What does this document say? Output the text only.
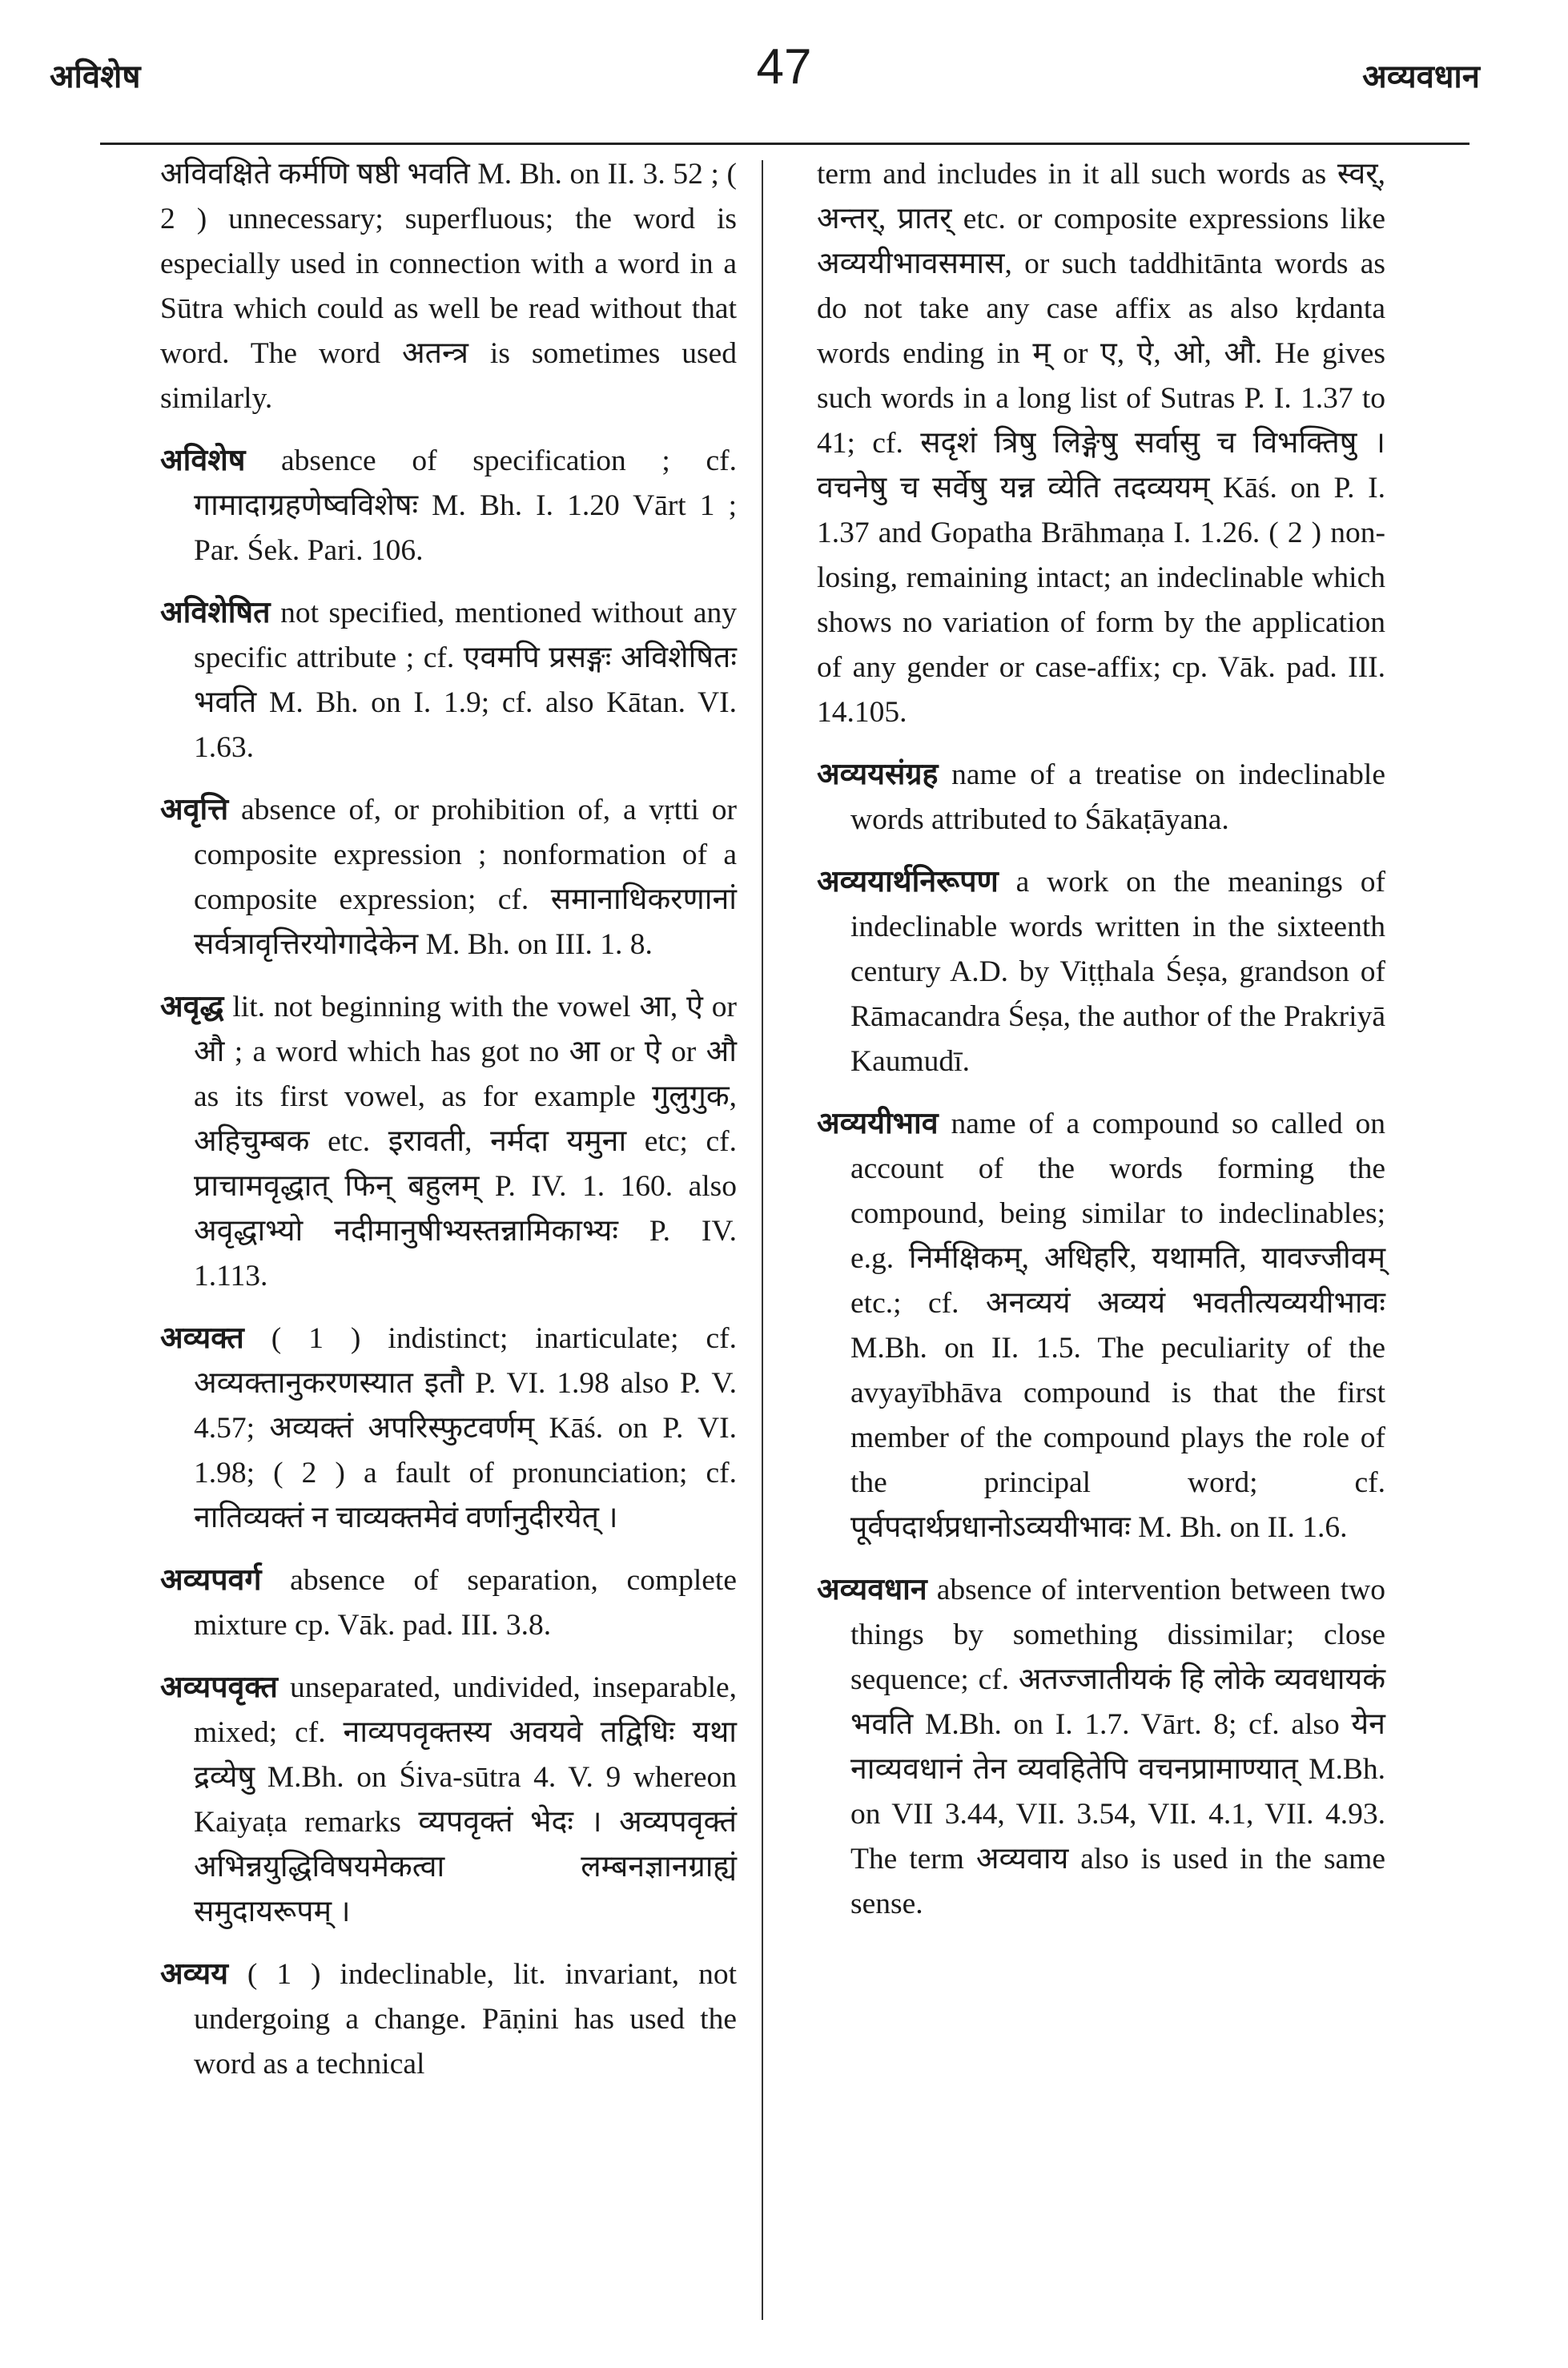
अविशेष	47	अव्यवधान

अविवक्षिते कर्मणि षष्ठी भवति M. Bh. on II. 3. 52 ; ( 2 ) unnecessary; superfluous; the word is especially used in connection with a word in a Sūtra which could as well be read without that word. The word अतन्त्र is sometimes used similarly.

अविशेष absence of specification ; cf. गामादाग्रहणेष्वविशेषः M. Bh. I. 1.20 Vārt 1 ; Par. Śek. Pari. 106.

अविशेषित not specified, mentioned without any specific attribute ; cf. एवमपि प्रसङ्गः अविशेषितः भवति M. Bh. on I. 1.9; cf. also Kātan. VI. 1.63.

अवृत्ति absence of, or prohibition of, a vṛtti or composite expression ; nonformation of a composite expression; cf. समानाधिकरणानां सर्वत्रावृत्तिरयोगादेकेन M. Bh. on III. 1. 8.

अवृद्ध lit. not beginning with the vowel आ, ऐ or औ ; a word which has got no आ or ऐ or औ as its first vowel, as for example गुलुगुक, अहिचुम्बक etc. इरावती, नर्मदा यमुना etc; cf. प्राचामवृद्धात् फिन् बहुलम् P. IV. 1. 160. also अवृद्धाभ्यो नदीमानुषीभ्यस्तन्नामिकाभ्यः P. IV. 1.113.

अव्यक्त ( 1 ) indistinct; inarticulate; cf. अव्यक्तानुकरणस्यात इतौ P. VI. 1.98 also P. V. 4.57; अव्यक्तं अपरिस्फुटवर्णम् Kāś. on P. VI. 1.98; ( 2 ) a fault of pronunciation; cf. नातिव्यक्तं न चाव्यक्तमेवं वर्णानुदीरयेत् ।

अव्यपवर्ग absence of separation, complete mixture cp. Vāk. pad. III. 3.8.

अव्यपवृक्त unseparated, undivided, inseparable, mixed; cf. नाव्यपवृक्तस्य अवयवे तद्विधिः यथा द्रव्येषु M.Bh. on Śiva-sūtra 4. V. 9 whereon Kaiyaṭa remarks व्यपवृक्तं भेदः । अव्यपवृक्तं अभिन्नयुद्धिविषयमेकत्वा लम्बनज्ञानग्राह्यं समुदायरूपम् ।

अव्यय ( 1 ) indeclinable, lit. invariant, not undergoing a change. Pāṇini has used the word as a technical

term and includes in it all such words as स्वर्, अन्तर्, प्रातर् etc. or composite expressions like अव्ययीभावसमास, or such taddhitānta words as do not take any case affix as also kṛdanta words ending in म् or ए, ऐ, ओ, औ. He gives such words in a long list of Sutras P. I. 1.37 to 41; cf. सदृशं त्रिषु लिङ्गेषु सर्वासु च विभक्तिषु । वचनेषु च सर्वेषु यन्न व्येति तदव्ययम् Kāś. on P. I. 1.37 and Gopatha Brāhmaṇa I. 1.26. ( 2 ) non-losing, remaining intact; an indeclinable which shows no variation of form by the application of any gender or case-affix; cp. Vāk. pad. III. 14.105.

अव्ययसंग्रह name of a treatise on indeclinable words attributed to Śākaṭāyana.

अव्ययार्थनिरूपण a work on the meanings of indeclinable words written in the sixteenth century A.D. by Viṭṭhala Śeṣa, grandson of Rāmacandra Śeṣa, the author of the Prakriyā Kaumudī.

अव्ययीभाव name of a compound so called on account of the words forming the compound, being similar to indeclinables; e.g. निर्मक्षिकम्, अधिहरि, यथामति, यावज्जीवम् etc.; cf. अनव्ययं अव्ययं भवतीत्यव्ययीभावः M.Bh. on II. 1.5. The peculiarity of the avyayībhāva compound is that the first member of the compound plays the role of the principal word; cf. पूर्वपदार्थप्रधानोऽव्ययीभावः M. Bh. on II. 1.6.

अव्यवधान absence of intervention between two things by something dissimilar; close sequence; cf. अतज्जातीयकं हि लोके व्यवधायकं भवति M.Bh. on I. 1.7. Vārt. 8; cf. also येन नाव्यवधानं तेन व्यवहितेपि वचनप्रामाण्यात् M.Bh. on VII 3.44, VII. 3.54, VII. 4.1, VII. 4.93. The term अव्यवाय also is used in the same sense.
